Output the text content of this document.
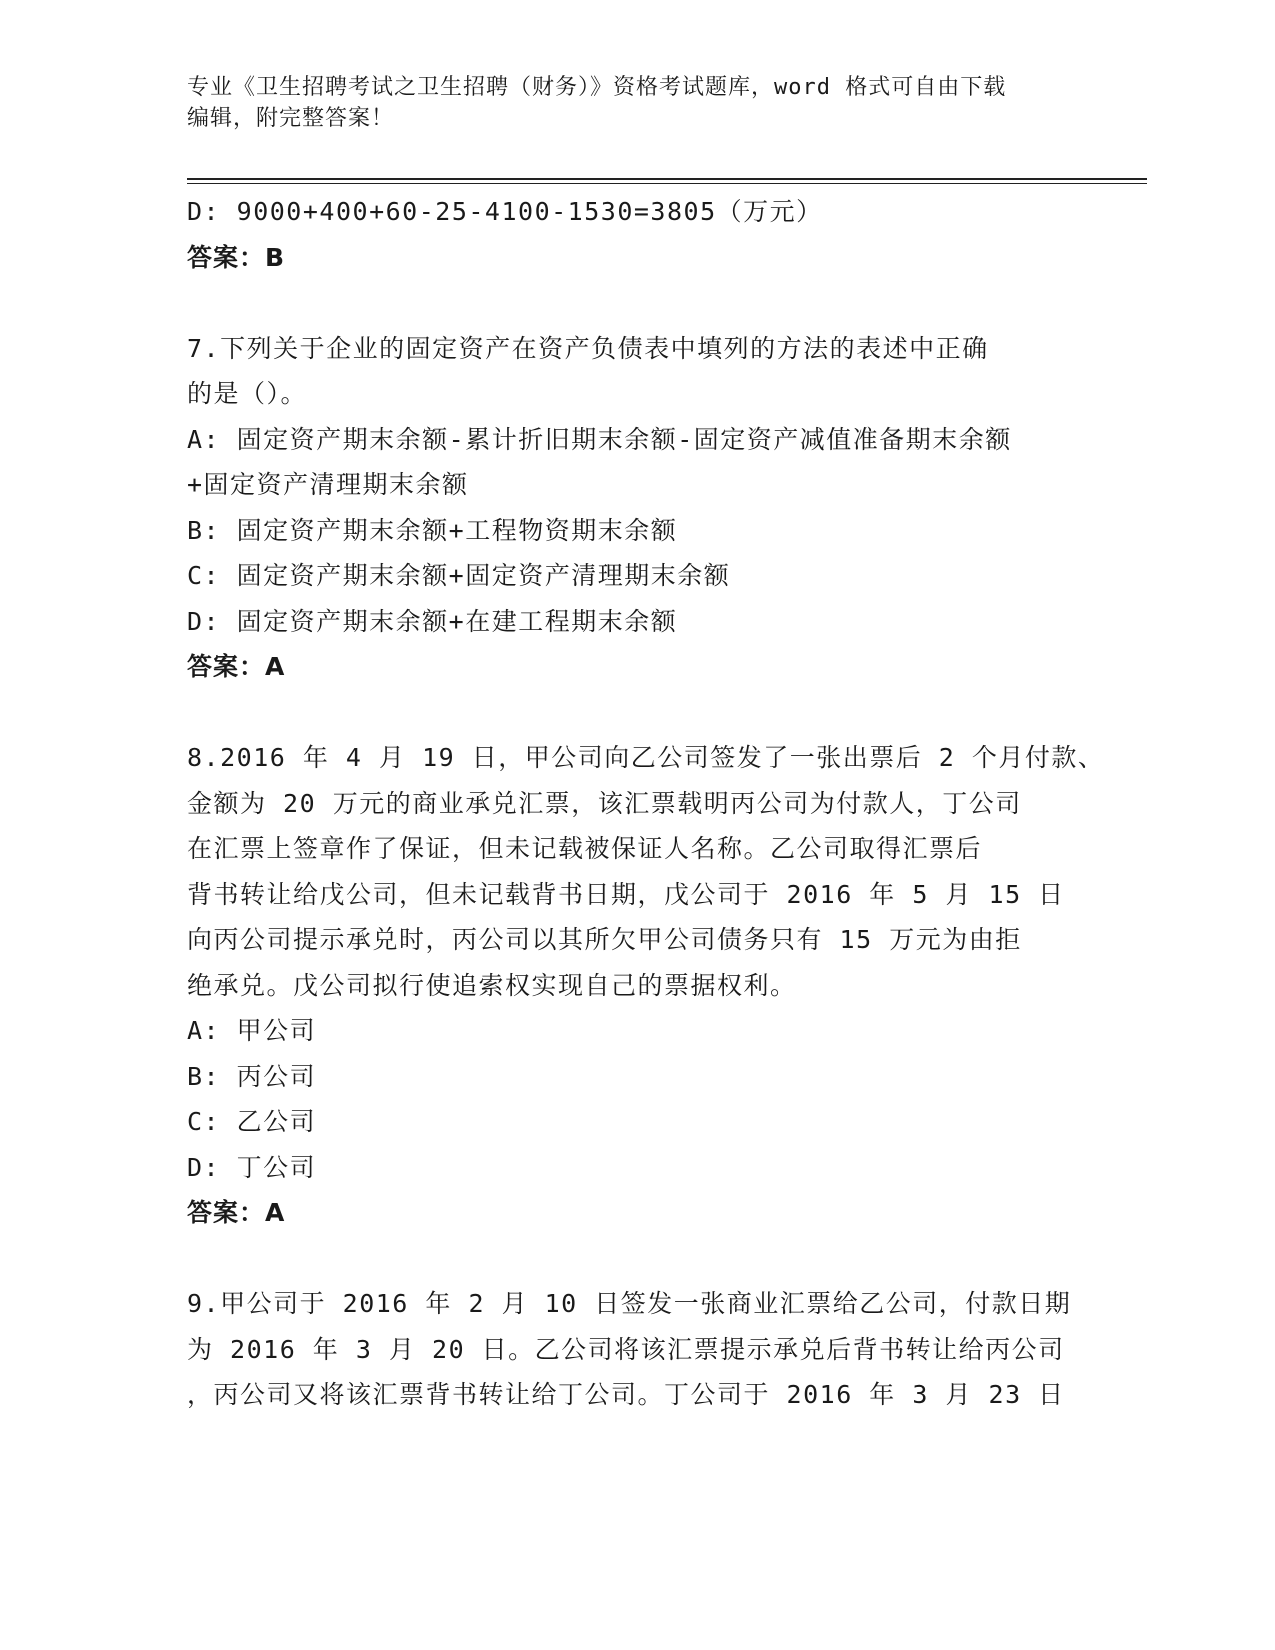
专业《卫生招聘考试之卫生招聘（财务）》资格考试题库，word 格式可自由下载
编辑，附完整答案！
D: 9000+400+60-25-4100-1530=3805（万元）
答案：B
7.下列关于企业的固定资产在资产负债表中填列的方法的表述中正确
的是（）。
A: 固定资产期末余额-累计折旧期末余额-固定资产减值准备期末余额
+固定资产清理期末余额
B: 固定资产期末余额+工程物资期末余额
C: 固定资产期末余额+固定资产清理期末余额
D: 固定资产期末余额+在建工程期末余额
答案：A
8.2016 年 4 月 19 日，甲公司向乙公司签发了一张出票后 2 个月付款、
金额为 20 万元的商业承兑汇票，该汇票载明丙公司为付款人，丁公司
在汇票上签章作了保证，但未记载被保证人名称。乙公司取得汇票后
背书转让给戊公司，但未记载背书日期，戊公司于 2016 年 5 月 15 日
向丙公司提示承兑时，丙公司以其所欠甲公司债务只有 15 万元为由拒
绝承兑。戊公司拟行使追索权实现自己的票据权利。
A: 甲公司
B: 丙公司
C: 乙公司
D: 丁公司
答案：A
9.甲公司于 2016 年 2 月 10 日签发一张商业汇票给乙公司，付款日期
为 2016 年 3 月 20 日。乙公司将该汇票提示承兑后背书转让给丙公司
，丙公司又将该汇票背书转让给丁公司。丁公司于 2016 年 3 月 23 日
